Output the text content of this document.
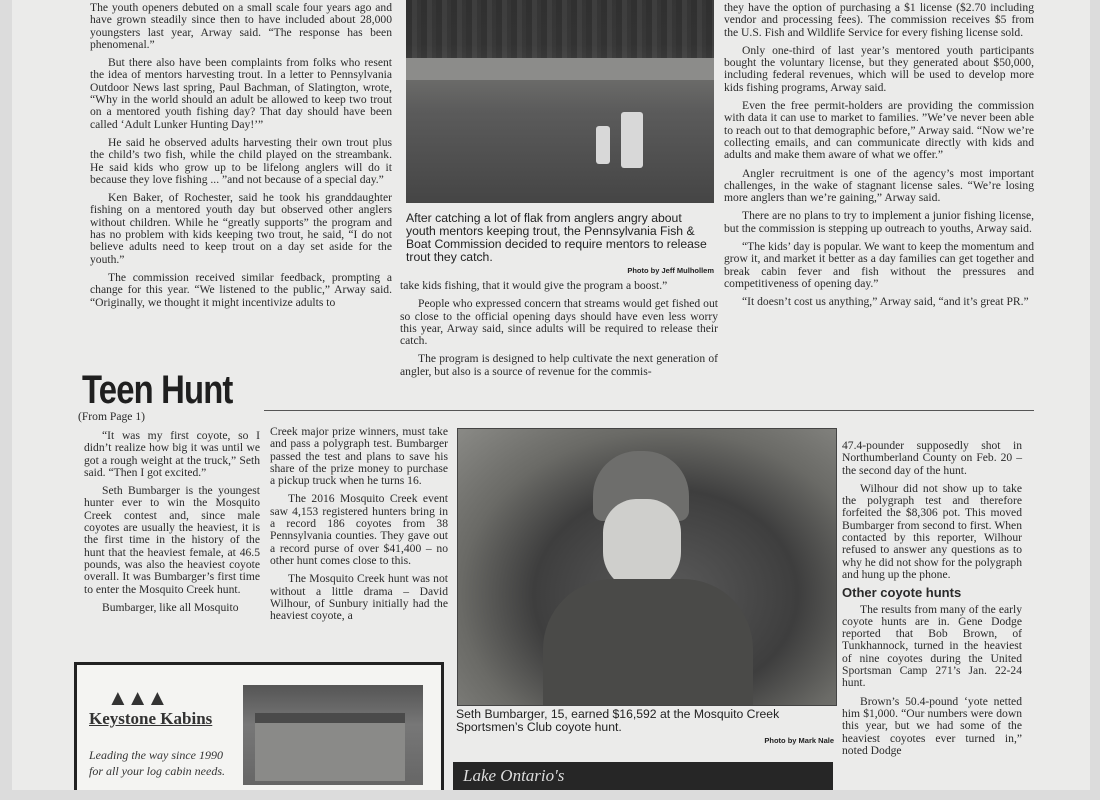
The youth openers debuted on a small scale four years ago and have grown steadily since then to have included about 28,000 youngsters last year, Arway said. “The response has been phenomenal.”

But there also have been complaints from folks who resent the idea of mentors harvesting trout. In a letter to Pennsylvania Outdoor News last spring, Paul Bachman, of Slatington, wrote, “Why in the world should an adult be allowed to keep two trout on a mentored youth fishing day? That day should have been called ‘Adult Lunker Hunting Day!’”

He said he observed adults harvesting their own trout plus the child’s two fish, while the child played on the streambank. He said kids who grow up to be lifelong anglers will do it because they love fishing ... ”and not because of a special day.”

Ken Baker, of Rochester, said he took his granddaughter fishing on a mentored youth day but observed other anglers without children. While he “greatly supports” the program and has no problem with kids keeping two trout, he said, “I do not believe adults need to keep trout on a day set aside for the youth.”

The commission received similar feedback, prompting a change for this year. “We listened to the public,” Arway said. “Originally, we thought it might incentivize adults to

After catching a lot of flak from anglers angry about youth mentors keeping trout, the Pennsylvania Fish & Boat Commission decided to require mentors to release trout they catch.
Photo by Jeff Mulhollem

take kids fishing, that it would give the program a boost.”

People who expressed concern that streams would get fished out so close to the official opening days should have even less worry this year, Arway said, since adults will be required to release their catch.

The program is designed to help cultivate the next generation of angler, but also is a source of revenue for the commis-

they have the option of purchasing a $1 license ($2.70 including vendor and processing fees). The commission receives $5 from the U.S. Fish and Wildlife Service for every fishing license sold.

Only one-third of last year’s mentored youth participants bought the voluntary license, but they generated about $50,000, including federal revenues, which will be used to develop more kids fishing programs, Arway said.

Even the free permit-holders are providing the commission with data it can use to market to families. ”We’ve never been able to reach out to that demographic before,” Arway said. “Now we’re collecting emails, and can communicate directly with kids and adults and make them aware of what we offer.”

Angler recruitment is one of the agency’s most important challenges, in the wake of stagnant license sales. “We’re losing more anglers than we’re gaining,” Arway said.

There are no plans to try to implement a junior fishing license, but the commission is stepping up outreach to youths, Arway said.

“The kids’ day is popular. We want to keep the momentum and grow it, and market it better as a day families can get together and break cabin fever and fish without the pressures and competitiveness of opening day.”

“It doesn’t cost us anything,” Arway said, “and it’s great PR.”

Teen Hunt
(From Page 1)

“It was my first coyote, so I didn’t realize how big it was until we got a rough weight at the truck,” Seth said. “Then I got excited.”

Seth Bumbarger is the youngest hunter ever to win the Mosquito Creek contest and, since male coyotes are usually the heaviest, it is the first time in the history of the hunt that the heaviest female, at 46.5 pounds, was also the heaviest coyote overall. It was Bumbarger’s first time to enter the Mosquito Creek hunt.

Bumbarger, like all Mosquito

Creek major prize winners, must take and pass a polygraph test. Bumbarger passed the test and plans to save his share of the prize money to purchase a pickup truck when he turns 16.

The 2016 Mosquito Creek event saw 4,153 registered hunters bring in a record 186 coyotes from 38 Pennsylvania counties. They gave out a record purse of over $41,400 – no other hunt comes close to this.

The Mosquito Creek hunt was not without a little drama – David Wilhour, of Sunbury initially had the heaviest coyote, a

Seth Bumbarger, 15, earned $16,592 at the Mosquito Creek Sportsmen’s Club coyote hunt.
Photo by Mark Nale

47.4-pounder supposedly shot in Northumberland County on Feb. 20 – the second day of the hunt.

Wilhour did not show up to take the polygraph test and therefore forfeited the $8,306 pot. This moved Bumbarger from second to first. When contacted by this reporter, Wilhour refused to answer any questions as to why he did not show for the polygraph and hung up the phone.

Other coyote hunts

The results from many of the early coyote hunts are in. Gene Dodge reported that Bob Brown, of Tunkhannock, turned in the heaviest of nine coyotes during the United Sportsman Camp 271’s Jan. 22-24 hunt.

Brown’s 50.4-pound ‘yote netted him $1,000. “Our numbers were down this year, but we had some of the heaviest coyotes ever turned in,” noted Dodge

▲▲▲
Keystone Kabins
Leading the way since 1990
for all your log cabin needs.	Lake Ontario's
